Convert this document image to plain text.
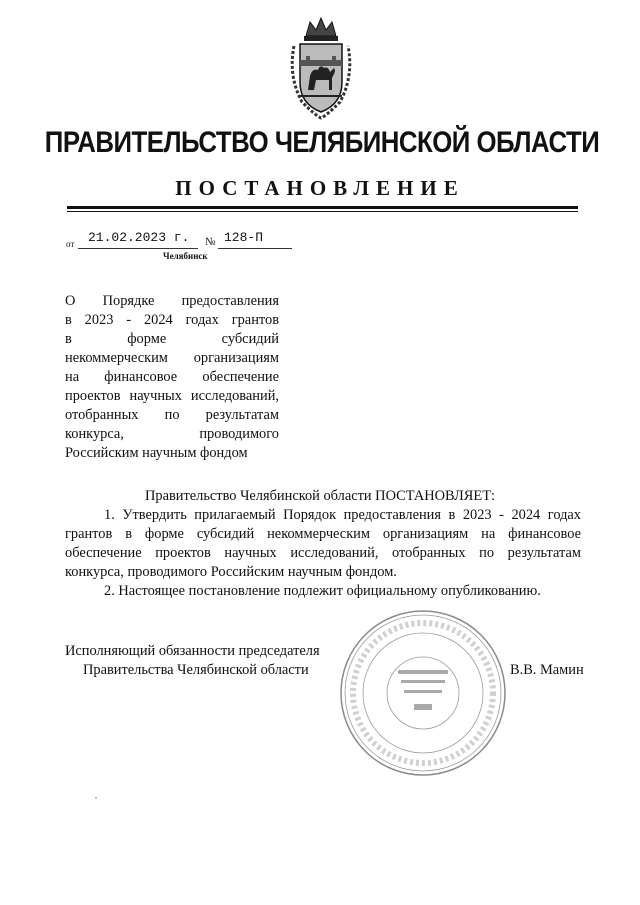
ПРАВИТЕЛЬСТВО ЧЕЛЯБИНСКОЙ ОБЛАСТИ
ПОСТАНОВЛЕНИЕ
от 21.02.2023 г. № 128-П
Челябинск
О Порядке предоставления
в 2023 - 2024 годах грантов
в форме субсидий
некоммерческим организациям
на финансовое обеспечение
проектов научных исследований,
отобранных по результатам
конкурса, проводимого
Российским научным фондом
Правительство Челябинской области ПОСТАНОВЛЯЕТ:

1. Утвердить прилагаемый Порядок предоставления в 2023 - 2024 годах

грантов в форме субсидий некоммерческим организациям на финансовое

обеспечение проектов научных исследований, отобранных по результатам

конкурса, проводимого Российским научным фондом.

2. Настоящее постановление подлежит официальному опубликованию.

Исполняющий обязанности председателя
Правительства Челябинской области	В.В. Мамин
